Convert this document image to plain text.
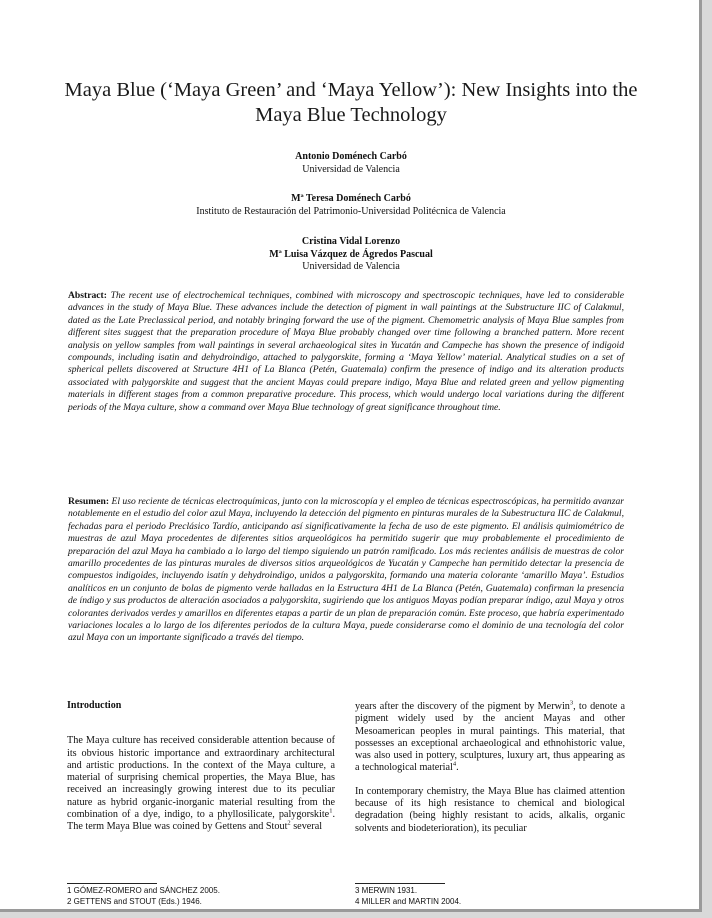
Maya Blue (‘Maya Green’ and ‘Maya Yellow’): New Insights into the Maya Blue Technology
Antonio Doménech Carbó
Universidad de Valencia
Mª Teresa Doménech Carbó
Instituto de Restauración del Patrimonio-Universidad Politécnica de Valencia
Cristina Vidal Lorenzo
Mª Luisa Vázquez de Ágredos Pascual
Universidad de Valencia
Abstract: The recent use of electrochemical techniques, combined with microscopy and spectroscopic techniques, have led to considerable advances in the study of Maya Blue. These advances include the detection of pigment in wall paintings at the Substructure IIC of Calakmul, dated as the Late Preclassical period, and notably bringing forward the use of the pigment. Chemometric analysis of Maya Blue samples from different sites suggest that the preparation procedure of Maya Blue probably changed over time following a branched pattern. More recent analysis on yellow samples from wall paintings in several archaeological sites in Yucatán and Campeche has shown the presence of indigoid compounds, including isatin and dehydroindigo, attached to palygorskite, forming a ‘Maya Yellow’ material. Analytical studies on a set of spherical pellets discovered at Structure 4H1 of La Blanca (Petén, Guatemala) confirm the presence of indigo and its alteration products associated with palygorskite and suggest that the ancient Mayas could prepare indigo, Maya Blue and related green and yellow pigmenting materials in different stages from a common preparative procedure. This process, which would undergo local variations during the different periods of the Maya culture, show a command over Maya Blue technology of great significance throughout time.
Resumen: El uso reciente de técnicas electroquímicas, junto con la microscopía y el empleo de técnicas espectroscópicas, ha permitido avanzar notablemente en el estudio del color azul Maya, incluyendo la detección del pigmento en pinturas murales de la Subestructura IIC de Calakmul, fechadas para el periodo Preclásico Tardío, anticipando así significativamente la fecha de uso de este pigmento. El análisis quimiométrico de muestras de azul Maya procedentes de diferentes sitios arqueológicos ha permitido sugerir que muy probablemente el procedimiento de preparación del azul Maya ha cambiado a lo largo del tiempo siguiendo un patrón ramificado. Los más recientes análisis de muestras de color amarillo procedentes de las pinturas murales de diversos sitios arqueológicos de Yucatán y Campeche han permitido detectar la presencia de compuestos indigoides, incluyendo isatín y dehydroindigo, unidos a palygorskita, formando una materia colorante ‘amarillo Maya’. Estudios analíticos en un conjunto de bolas de pigmento verde halladas en la Estructura 4H1 de La Blanca (Petén, Guatemala) confirman la presencia de índigo y sus productos de alteración asociados a palygorskita, sugiriendo que los antiguos Mayas podían preparar índigo, azul Maya y otros colorantes derivados verdes y amarillos en diferentes etapas a partir de un plan de preparación común. Este proceso, que habría experimentado variaciones locales a lo largo de los diferentes periodos de la cultura Maya, puede considerarse como el dominio de una tecnología del color azul Maya con un importante significado a través del tiempo.
Introduction
The Maya culture has received considerable attention because of its obvious historic importance and extraordinary architectural and artistic productions. In the context of the Maya culture, a material of surprising chemical properties, the Maya Blue, has received an increasingly growing interest due to its peculiar nature as hybrid organic-inorganic material resulting from the combination of a dye, indigo, to a phyllosilicate, palygorskite$^1$. The term Maya Blue was coined by Gettens and Stout$^2$ several
years after the discovery of the pigment by Merwin$^3$, to denote a pigment widely used by the ancient Mayas and other Mesoamerican peoples in mural paintings. This material, that possesses an exceptional archaeological and ethnohistoric value, was also used in pottery, sculptures, luxury art, thus appearing as a technological material$^4$.
In contemporary chemistry, the Maya Blue has claimed attention because of its high resistance to chemical and biological degradation (being highly resistant to acids, alkalis, organic solvents and biodeterioration), its peculiar
1 GÓMEZ-ROMERO and SÁNCHEZ 2005.
2 GETTENS and STOUT (Eds.) 1946.
3 MERWIN 1931.
4 MILLER and MARTIN 2004.
